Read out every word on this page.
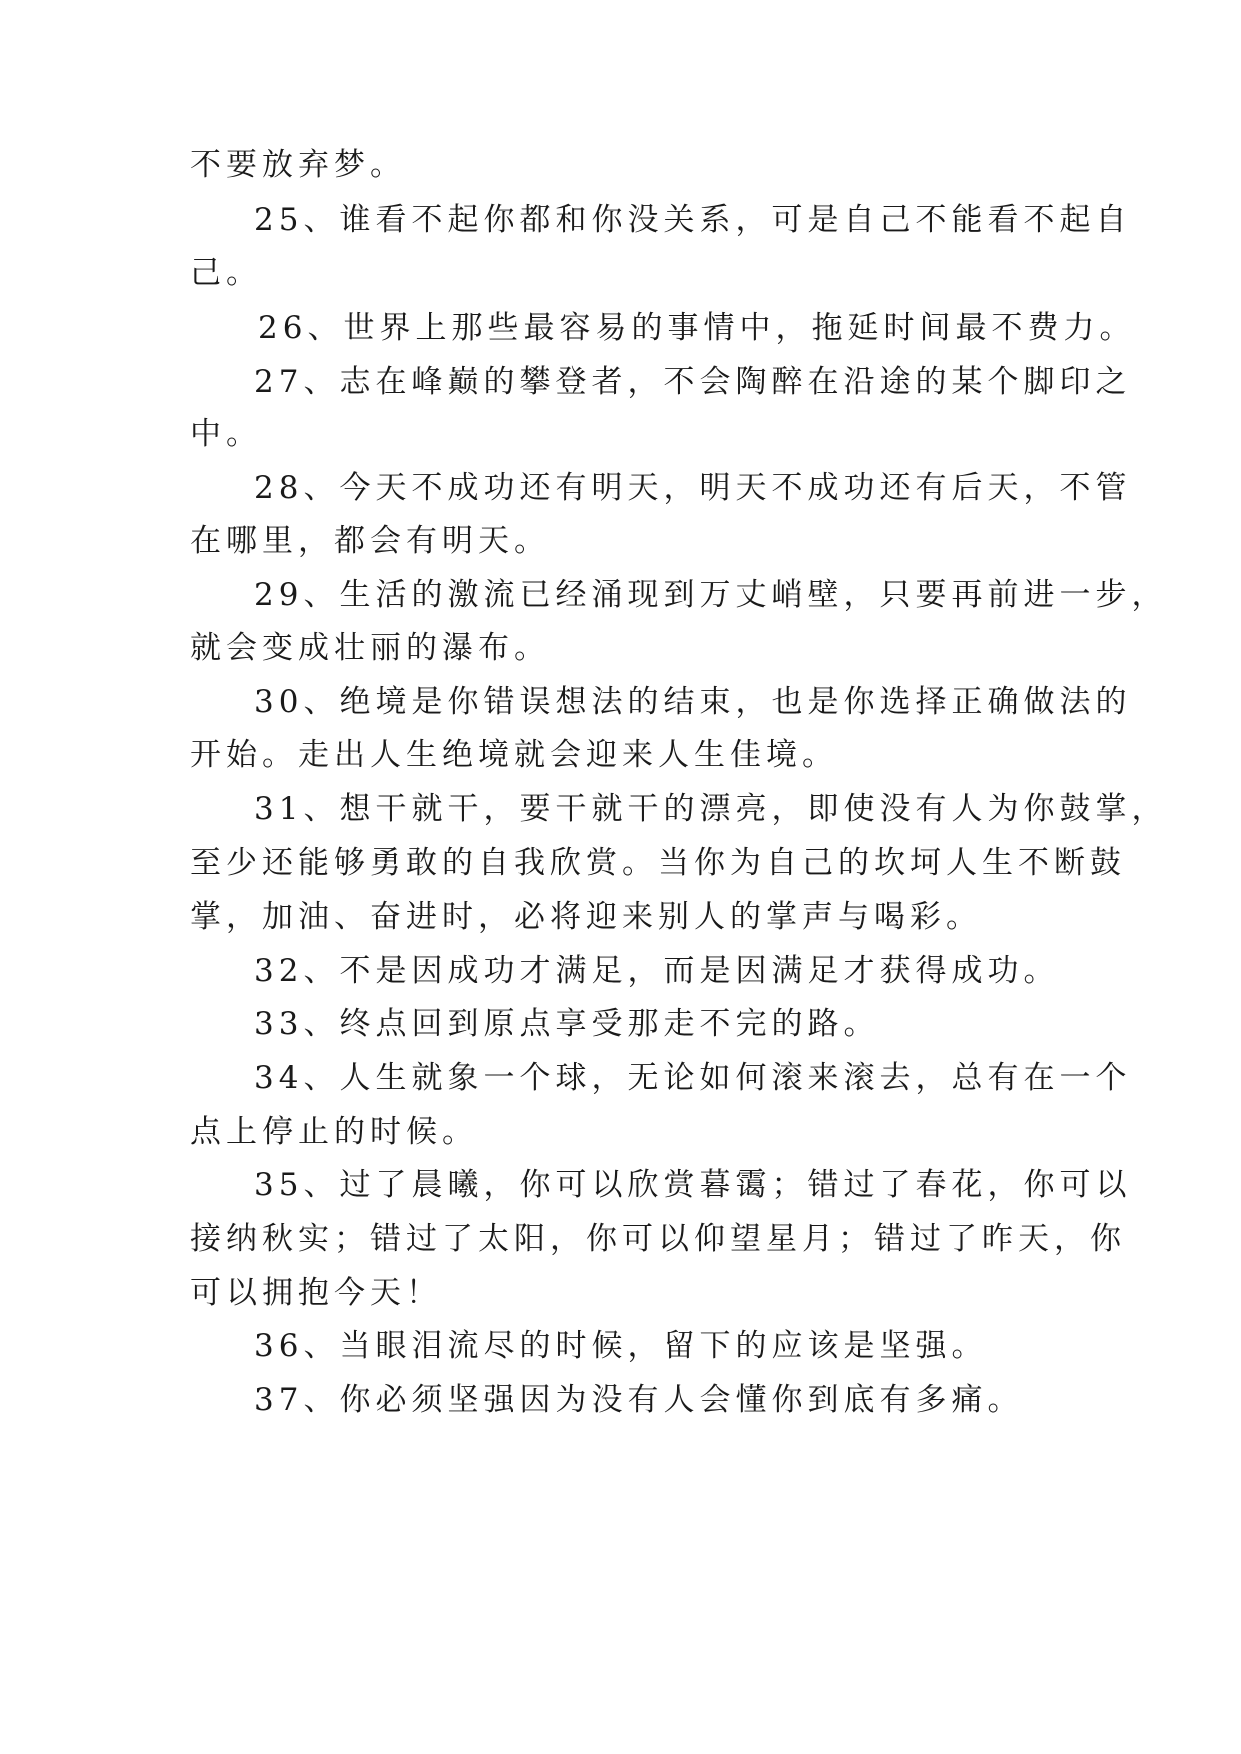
不要放弃梦。
25、谁看不起你都和你没关系，可是自己不能看不起自
己。
26、世界上那些最容易的事情中，拖延时间最不费力。
27、志在峰巅的攀登者，不会陶醉在沿途的某个脚印之
中。
28、今天不成功还有明天，明天不成功还有后天，不管
在哪里，都会有明天。
29、生活的激流已经涌现到万丈峭壁，只要再前进一步，
就会变成壮丽的瀑布。
30、绝境是你错误想法的结束，也是你选择正确做法的
开始。走出人生绝境就会迎来人生佳境。
31、想干就干，要干就干的漂亮，即使没有人为你鼓掌，
至少还能够勇敢的自我欣赏。当你为自己的坎坷人生不断鼓
掌，加油、奋进时，必将迎来别人的掌声与喝彩。
32、不是因成功才满足，而是因满足才获得成功。
33、终点回到原点享受那走不完的路。
34、人生就象一个球，无论如何滚来滚去，总有在一个
点上停止的时候。
35、过了晨曦，你可以欣赏暮霭；错过了春花，你可以
接纳秋实；错过了太阳，你可以仰望星月；错过了昨天，你
可以拥抱今天！
36、当眼泪流尽的时候，留下的应该是坚强。
37、你必须坚强因为没有人会懂你到底有多痛。
